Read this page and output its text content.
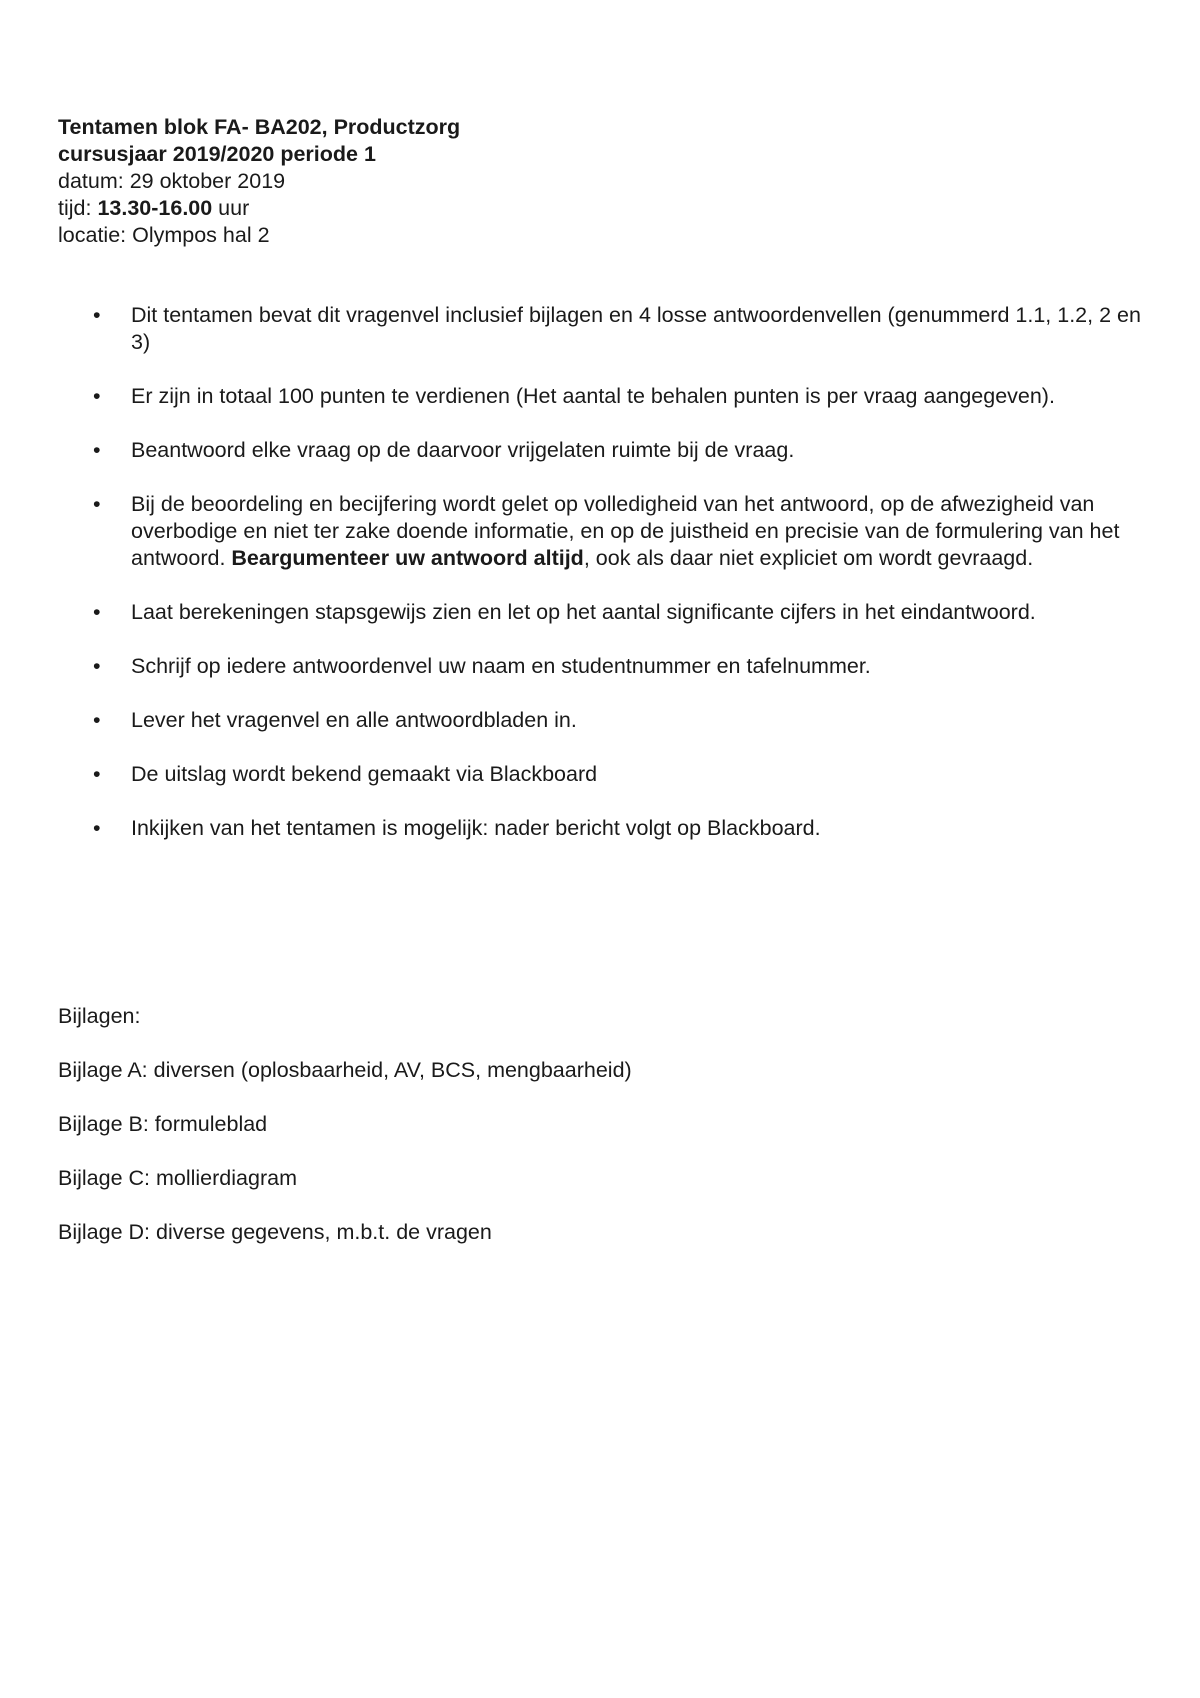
Tentamen blok FA- BA202, Productzorg
cursusjaar 2019/2020 periode 1
datum: 29 oktober 2019
tijd: 13.30-16.00 uur
locatie: Olympos hal 2
• Dit tentamen bevat dit vragenvel inclusief bijlagen en 4 losse antwoordenvellen (genummerd 1.1, 1.2, 2 en 3)
• Er zijn in totaal 100 punten te verdienen (Het aantal te behalen punten is per vraag aangegeven).
• Beantwoord elke vraag op de daarvoor vrijgelaten ruimte bij de vraag.
• Bij de beoordeling en becijfering wordt gelet op volledigheid van het antwoord, op de afwezigheid van overbodige en niet ter zake doende informatie, en op de juistheid en precisie van de formulering van het antwoord. Beargumenteer uw antwoord altijd, ook als daar niet expliciet om wordt gevraagd.
• Laat berekeningen stapsgewijs zien en let op het aantal significante cijfers in het eindantwoord.
• Schrijf op iedere antwoordenvel uw naam en studentnummer en tafelnummer.
• Lever het vragenvel en alle antwoordbladen in.
• De uitslag wordt bekend gemaakt via Blackboard
• Inkijken van het tentamen is mogelijk: nader bericht volgt op Blackboard.
Bijlagen:
Bijlage A: diversen (oplosbaarheid, AV, BCS, mengbaarheid)
Bijlage B: formuleblad
Bijlage C: mollierdiagram
Bijlage D: diverse gegevens, m.b.t. de vragen
